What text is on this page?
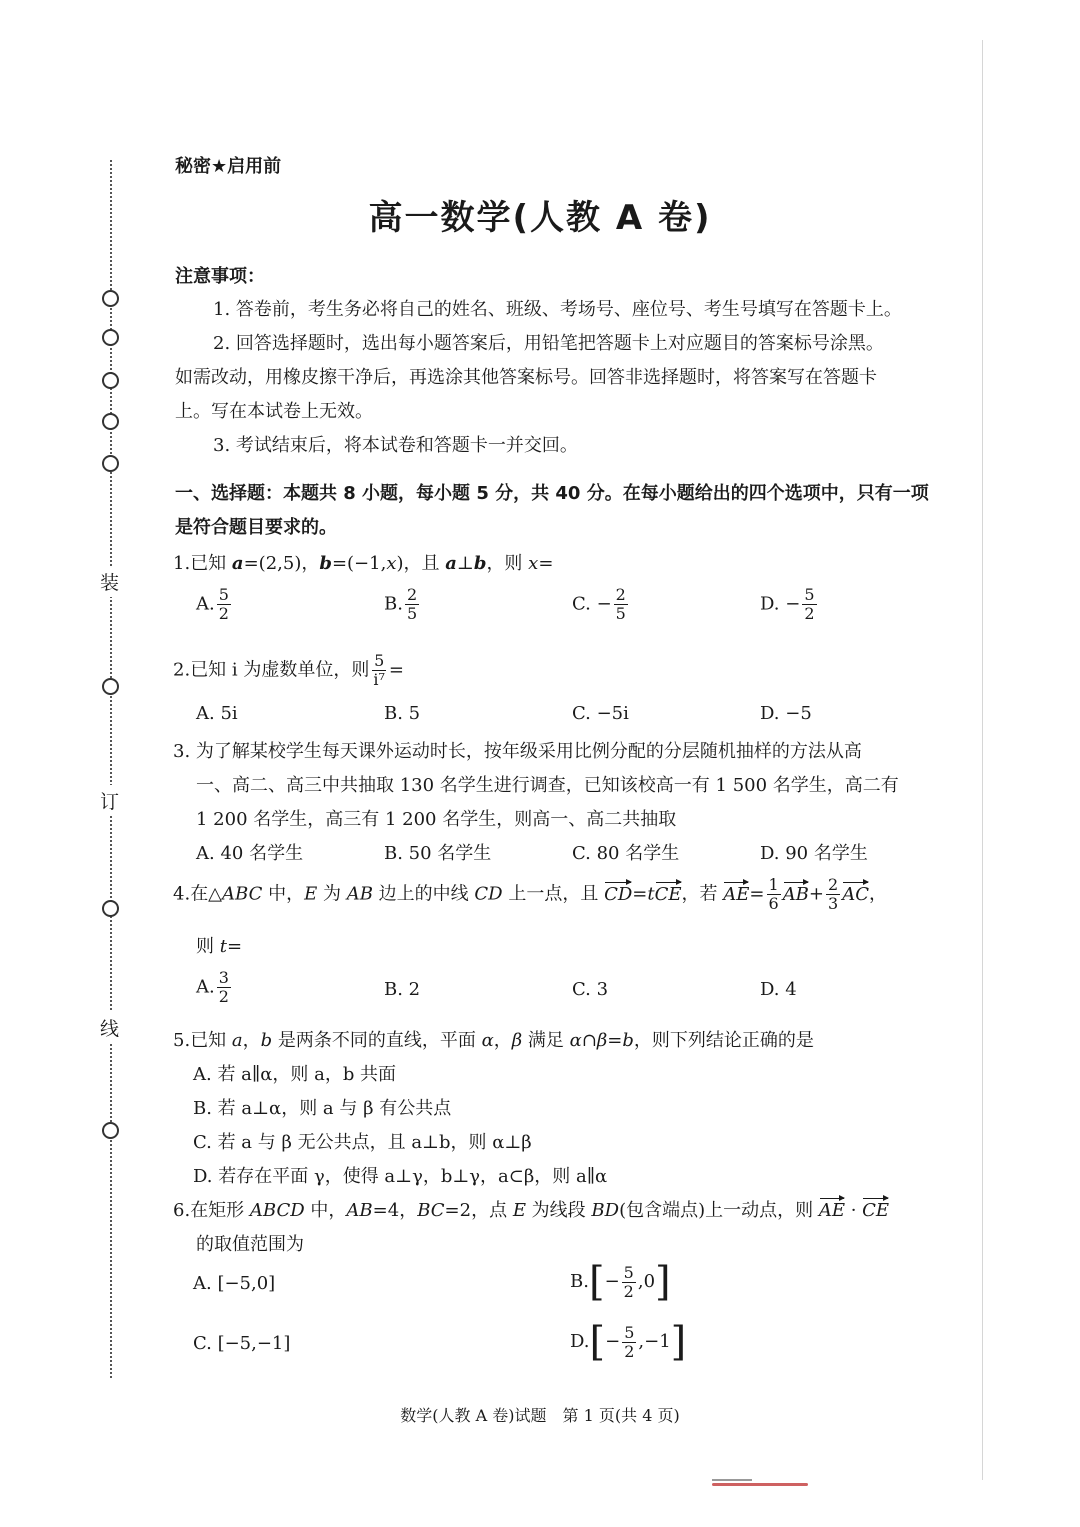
装
订
线
秘密★启用前
高一数学(人教 A 卷)
注意事项：
1. 答卷前，考生务必将自己的姓名、班级、考场号、座位号、考生号填写在答题卡上。
2. 回答选择题时，选出每小题答案后，用铅笔把答题卡上对应题目的答案标号涂黑。
如需改动，用橡皮擦干净后，再选涂其他答案标号。回答非选择题时，将答案写在答题卡
上。写在本试卷上无效。
3. 考试结束后，将本试卷和答题卡一并交回。
一、选择题：本题共 8 小题，每小题 5 分，共 40 分。在每小题给出的四个选项中，只有一项
是符合题目要求的。
1.已知 a=(2,5)，b=(−1,x)，且 a⊥b，则 x=
A. $\frac{5}{2}$	B. $\frac{2}{5}$	C. − $\frac{2}{5}$	D. − $\frac{5}{2}$
2.已知 i 为虚数单位，则 $\frac{5}{\text{i⁷}}$ =
A. 5i	B. 5	C. −5i	D. −5
3. 为了解某校学生每天课外运动时长，按年级采用比例分配的分层随机抽样的方法从高
一、高二、高三中共抽取 130 名学生进行调查，已知该校高一有 1 500 名学生，高二有
1 200 名学生，高三有 1 200 名学生，则高一、高二共抽取
A. 40 名学生	B. 50 名学生	C. 80 名学生	D. 90 名学生
4.在△ABC 中，E 为 AB 边上的中线 CD 上一点，且 CD=tCE，若 $AE= \frac{1}{6} AB+ \frac{2}{3}$ AC，
则 t=
A. $\frac{3}{2}$	B. 2	C. 3	D. 4
5.已知 a，b 是两条不同的直线，平面 α，β 满足 α∩β=b，则下列结论正确的是
A. 若 a∥α，则 a，b 共面
B. 若 a⊥α，则 a 与 β 有公共点
C. 若 a 与 β 无公共点，且 a⊥b，则 α⊥β
D. 若存在平面 γ，使得 a⊥γ，b⊥γ，a⊂β，则 a∥α
6.在矩形 ABCD 中，AB=4，BC=2，点 E 为线段 BD(包含端点)上一动点，则 AE · CE
的取值范围为
A. [−5,0]	$B.[- \frac{5}{2} ,0]$
C. [−5,−1]	$D.[- \frac{5}{2} ,-1]$
数学(人教 A 卷)试题　第 1 页(共 4 页)
